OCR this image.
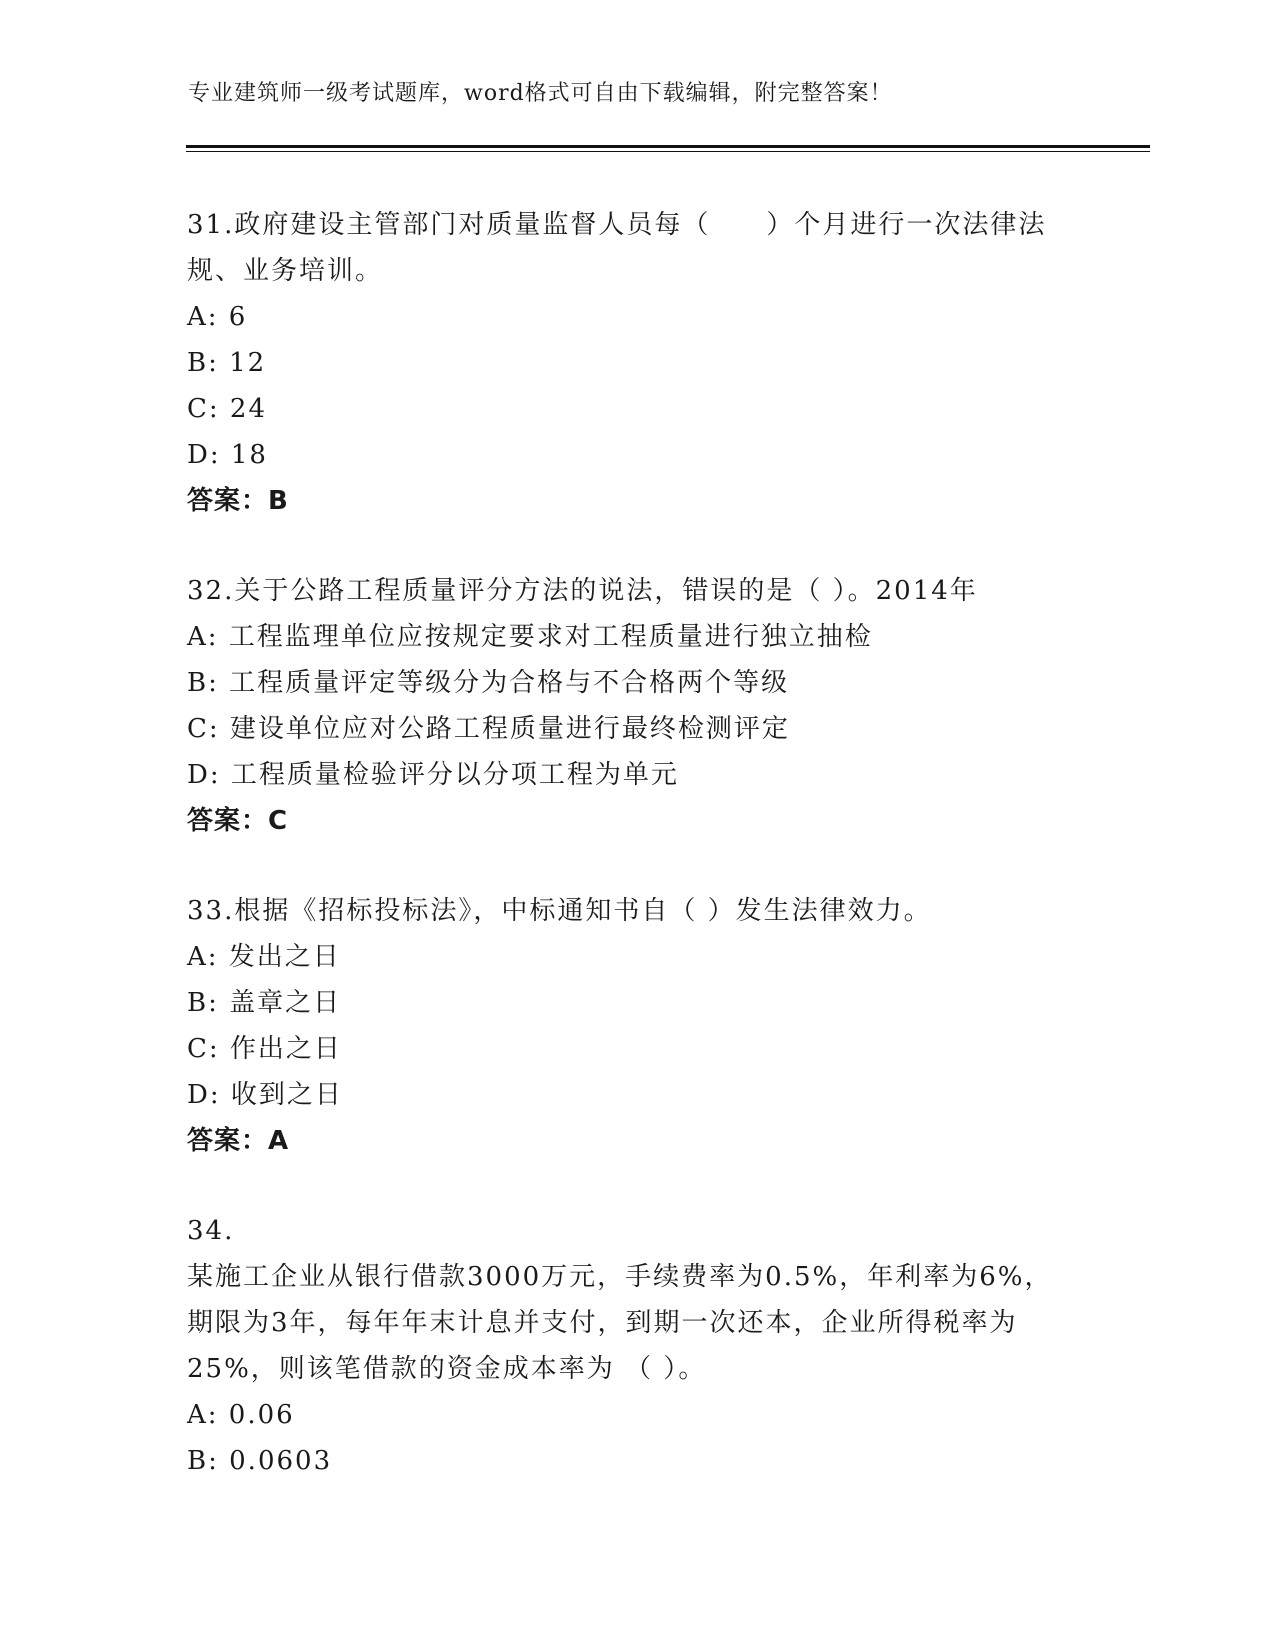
专业建筑师一级考试题库，word格式可自由下载编辑，附完整答案！
31.政府建设主管部门对质量监督人员每（　　）个月进行一次法律法
规、业务培训。
A: 6
B: 12
C: 24
D: 18
答案：B
32.关于公路工程质量评分方法的说法，错误的是（ ）。2014年
A: 工程监理单位应按规定要求对工程质量进行独立抽检
B: 工程质量评定等级分为合格与不合格两个等级
C: 建设单位应对公路工程质量进行最终检测评定
D: 工程质量检验评分以分项工程为单元
答案：C
33.根据《招标投标法》，中标通知书自（ ）发生法律效力。
A: 发出之日
B: 盖章之日
C: 作出之日
D: 收到之日
答案：A
34.
某施工企业从银行借款3000万元，手续费率为0.5%，年利率为6%，
期限为3年，每年年末计息并支付，到期一次还本，企业所得税率为
25%，则该笔借款的资金成本率为 （ ）。
A: 0.06
B: 0.0603
